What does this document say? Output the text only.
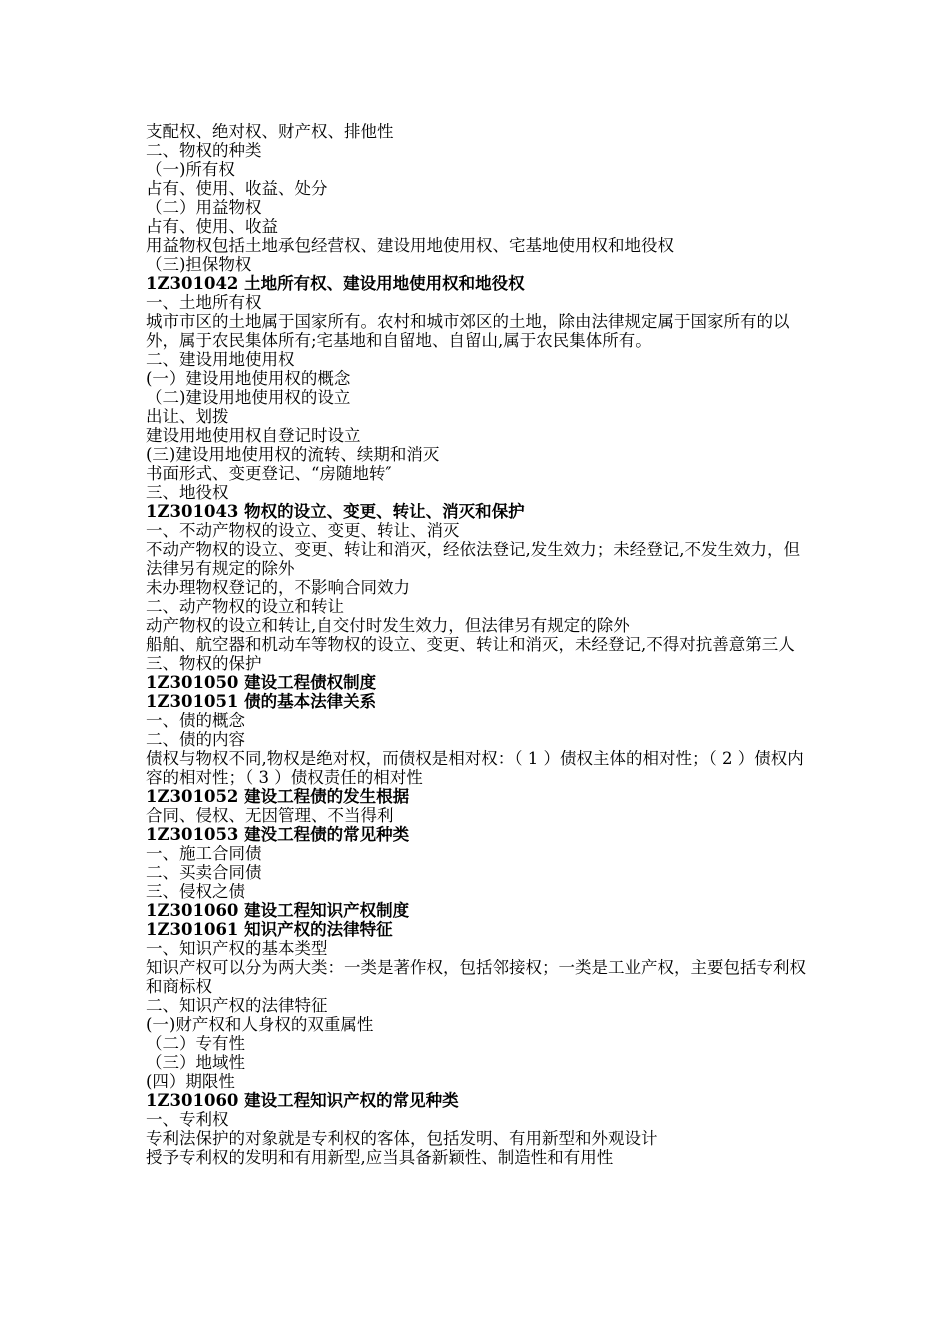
支配权、绝对权、财产权、排他性
二、物权的种类
（一)所有权
占有、使用、收益、处分
（二）用益物权
占有、使用、收益
用益物权包括土地承包经营权、建设用地使用权、宅基地使用权和地役权
（三)担保物权
1Z301042 土地所有权、建设用地使用权和地役权
一、土地所有权
城市市区的土地属于国家所有。农村和城市郊区的土地，除由法律规定属于国家所有的以外，属于农民集体所有;宅基地和自留地、自留山,属于农民集体所有。
二、建设用地使用权
(一）建设用地使用权的概念
（二)建设用地使用权的设立
出让、划拨
建设用地使用权自登记时设立
(三)建设用地使用权的流转、续期和消灭
书面形式、变更登记、“房随地转″
三、地役权
1Z301043 物权的设立、变更、转让、消灭和保护
一、不动产物权的设立、变更、转让、消灭
不动产物权的设立、变更、转让和消灭，经依法登记,发生效力；未经登记,不发生效力，但法律另有规定的除外
未办理物权登记的，不影响合同效力
二、动产物权的设立和转让
动产物权的设立和转让,自交付时发生效力，但法律另有规定的除外
船舶、航空器和机动车等物权的设立、变更、转让和消灭，未经登记,不得对抗善意第三人
三、物权的保护
1Z301050 建设工程债权制度
1Z301051 债的基本法律关系
一、债的概念
二、债的内容
债权与物权不同,物权是绝对权，而债权是相对权：（ 1 ）债权主体的相对性；（ 2 ）债权内容的相对性；（ 3 ）债权责任的相对性
1Z301052 建设工程债的发生根据
合同、侵权、无因管理、不当得利
1Z301053 建没工程债的常见种类
一、施工合同债
二、买卖合同债
三、侵权之债
1Z301060 建设工程知识产权制度
1Z301061 知识产权的法律特征
一、知识产权的基本类型
知识产权可以分为两大类：一类是著作权，包括邻接权；一类是工业产权，主要包括专利权和商标权
二、知识产权的法律特征
(一)财产权和人身权的双重属性
（二）专有性
（三）地域性
(四）期限性
1Z301060 建设工程知识产权的常见种类
一、专利权
专利法保护的对象就是专利权的客体，包括发明、有用新型和外观设计
授予专利权的发明和有用新型,应当具备新颖性、制造性和有用性
